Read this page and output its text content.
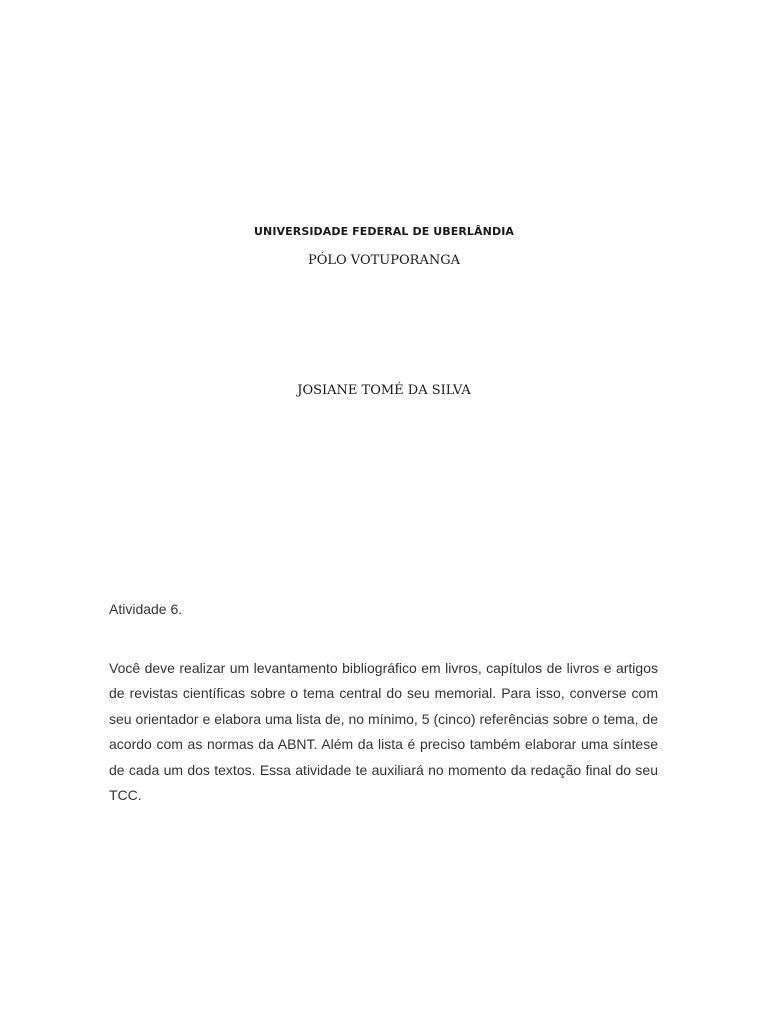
UNIVERSIDADE FEDERAL DE UBERLÂNDIA
PÓLO VOTUPORANGA
JOSIANE TOMÉ DA SILVA
Atividade 6.

Você deve realizar um levantamento bibliográfico em livros, capítulos de livros e artigos de revistas científicas sobre o tema central do seu memorial. Para isso, converse com seu orientador e elabora uma lista de, no mínimo, 5 (cinco) referências sobre o tema, de acordo com as normas da ABNT. Além da lista é preciso também elaborar uma síntese de cada um dos textos. Essa atividade te auxiliará no momento da redação final do seu TCC.
